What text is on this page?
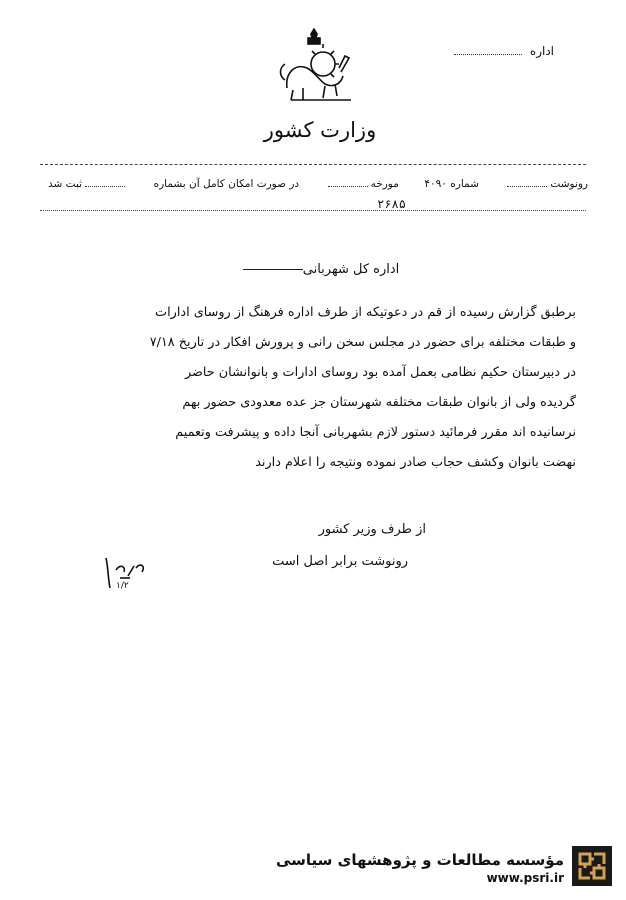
اداره
وزارت کشور
رونوشت
شماره ۴۰۹۰
مورخه
در صورت امکان کامل آن بشماره
ثبت شد
۲۶۸۵
اداره کل شهربانی

برطبق گزارش رسیده از قم در دعوتیکه از طرف اداره فرهنگ از روسای ادارات

و طبقات مختلفه برای حضور در مجلس سخن رانی و پرورش افکار در تاریخ ۷/۱۸

در دبیرستان حکیم نظامی بعمل آمده بود روسای ادارات و بانوانشان حاضر

گردیده ولی از بانوان طبقات مختلفه شهرستان جز عده معدودی حضور بهم

نرسانیده اند مقرر فرمائید دستور لازم بشهربانی آنجا داده و پیشرفت وتعمیم

نهضت بانوان وکشف حجاب صادر نموده ونتیجه را اعلام دارند

از طرف وزیر کشور
رونوشت برابر اصل است
۱/۲
مؤسسه مطالعات و پژوهشهای سیاسی
www.psri.ir
